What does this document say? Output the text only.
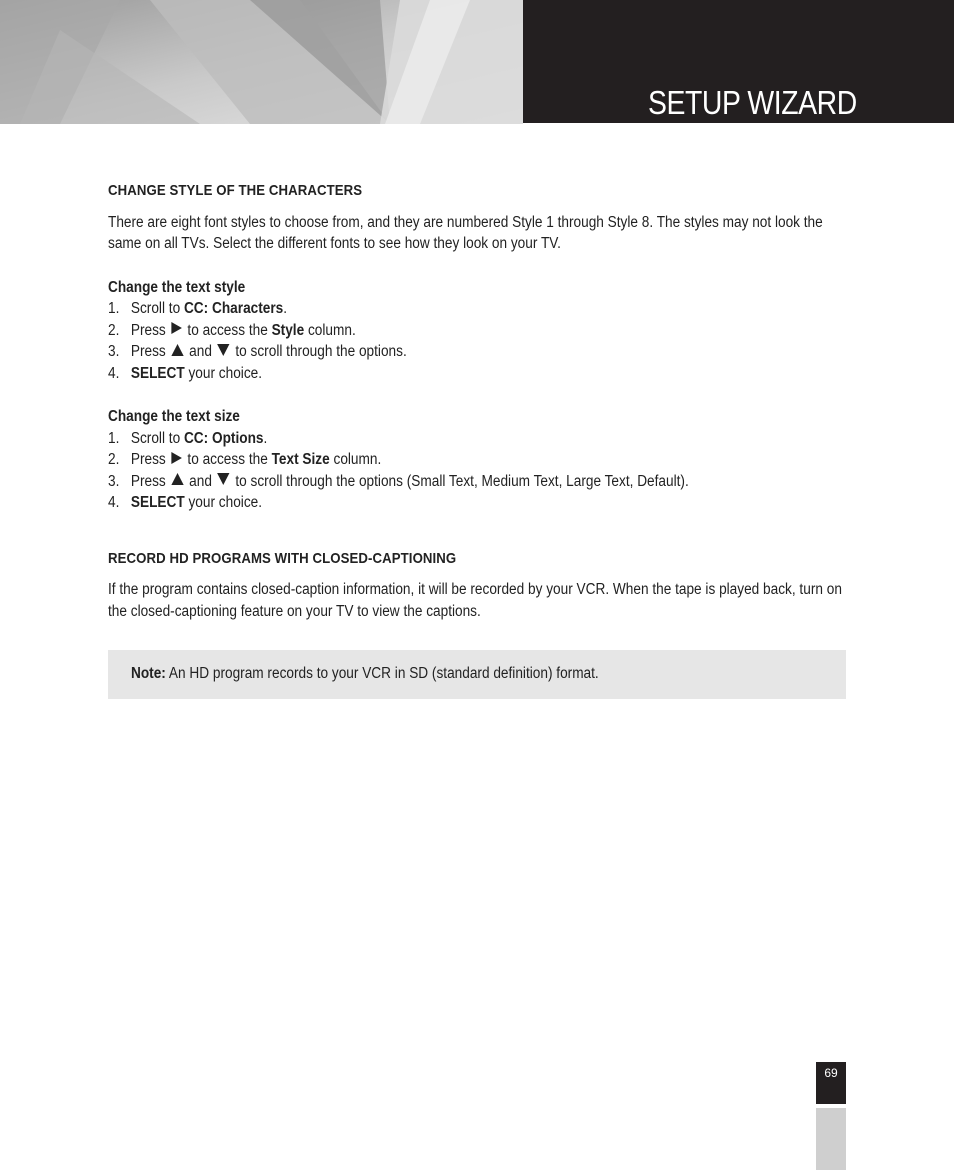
SETUP WIZARD
CHANGE STYLE OF THE CHARACTERS

There are eight font styles to choose from, and they are numbered Style 1 through Style 8. The styles may not look the same on all TVs. Select the different fonts to see how they look on your TV.

Change the text style

1. Scroll to CC: Characters.
2. Press to access the Style column.
3. Press and to scroll through the options.
4. SELECT your choice.

Change the text size

1. Scroll to CC: Options.
2. Press to access the Text Size column.
3. Press and to scroll through the options (Small Text, Medium Text, Large Text, Default).
4. SELECT your choice.
RECORD HD PROGRAMS WITH CLOSED-CAPTIONING

If the program contains closed-caption information, it will be recorded by your VCR. When the tape is played back, turn on the closed-captioning feature on your TV to view the captions.

Note: An HD program records to your VCR in SD (standard definition) format.
69
